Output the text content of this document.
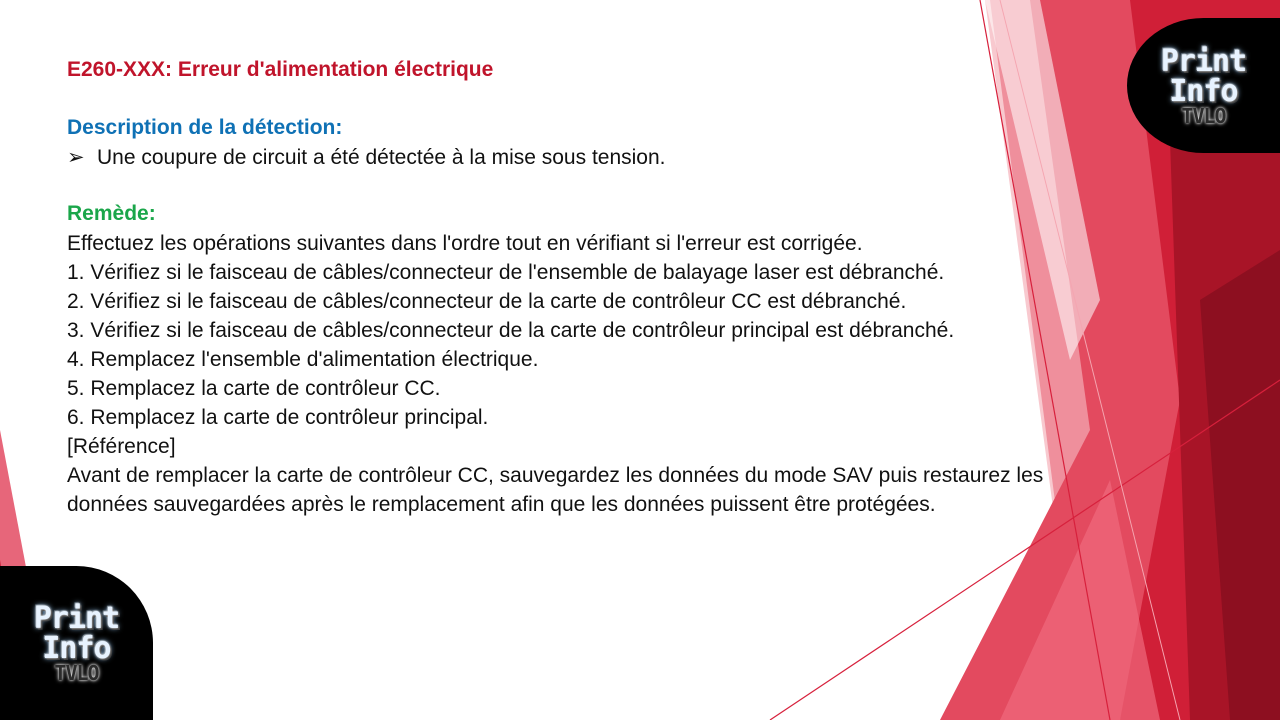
E260-XXX: Erreur d'alimentation électrique
Description de la détection:
➢ Une coupure de circuit a été détectée à la mise sous tension.
Remède:
Effectuez les opérations suivantes dans l'ordre tout en vérifiant si l'erreur est corrigée.
1. Vérifiez si le faisceau de câbles/connecteur de l'ensemble de balayage laser est débranché.
2. Vérifiez si le faisceau de câbles/connecteur de la carte de contrôleur CC est débranché.
3. Vérifiez si le faisceau de câbles/connecteur de la carte de contrôleur principal est débranché.
4. Remplacez l'ensemble d'alimentation électrique.
5. Remplacez la carte de contrôleur CC.
6. Remplacez la carte de contrôleur principal.
[Référence]
Avant de remplacer la carte de contrôleur CC, sauvegardez les données du mode SAV puis restaurez les données sauvegardées après le remplacement afin que les données puissent être protégées.
Print
Info
TVLO
Print
Info
TVLO
